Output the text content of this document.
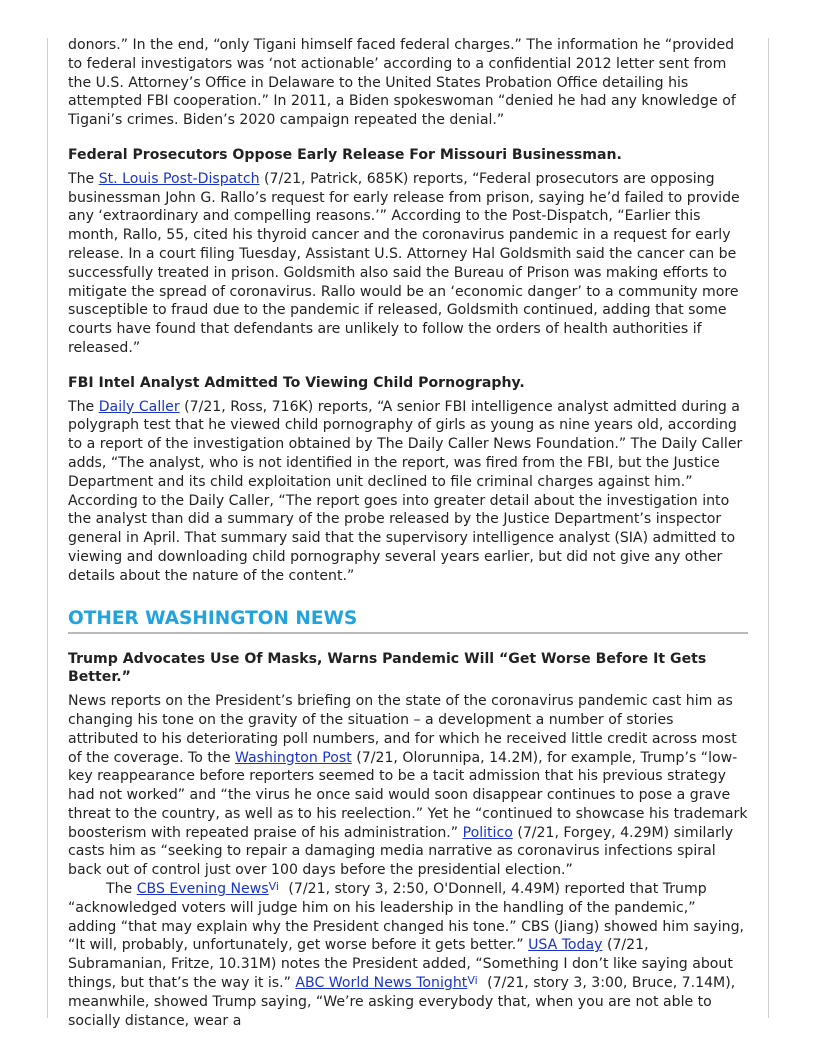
donors.” In the end, “only Tigani himself faced federal charges.” The information he “provided to federal investigators was ‘not actionable’ according to a confidential 2012 letter sent from the U.S. Attorney’s Office in Delaware to the United States Probation Office detailing his attempted FBI cooperation.” In 2011, a Biden spokeswoman “denied he had any knowledge of Tigani’s crimes. Biden’s 2020 campaign repeated the denial.”

Federal Prosecutors Oppose Early Release For Missouri Businessman.

The St. Louis Post-Dispatch (7/21, Patrick, 685K) reports, “Federal prosecutors are opposing businessman John G. Rallo’s request for early release from prison, saying he’d failed to provide any ‘extraordinary and compelling reasons.’” According to the Post-Dispatch, “Earlier this month, Rallo, 55, cited his thyroid cancer and the coronavirus pandemic in a request for early release. In a court filing Tuesday, Assistant U.S. Attorney Hal Goldsmith said the cancer can be successfully treated in prison. Goldsmith also said the Bureau of Prison was making efforts to mitigate the spread of coronavirus. Rallo would be an ‘economic danger’ to a community more susceptible to fraud due to the pandemic if released, Goldsmith continued, adding that some courts have found that defendants are unlikely to follow the orders of health authorities if released.”

FBI Intel Analyst Admitted To Viewing Child Pornography.

The Daily Caller (7/21, Ross, 716K) reports, “A senior FBI intelligence analyst admitted during a polygraph test that he viewed child pornography of girls as young as nine years old, according to a report of the investigation obtained by The Daily Caller News Foundation.” The Daily Caller adds, “The analyst, who is not identified in the report, was fired from the FBI, but the Justice Department and its child exploitation unit declined to file criminal charges against him.” According to the Daily Caller, “The report goes into greater detail about the investigation into the analyst than did a summary of the probe released by the Justice Department’s inspector general in April. That summary said that the supervisory intelligence analyst (SIA) admitted to viewing and downloading child pornography several years earlier, but did not give any other details about the nature of the content.”

OTHER WASHINGTON NEWS
Trump Advocates Use Of Masks, Warns Pandemic Will “Get Worse Before It Gets Better.”

News reports on the President’s briefing on the state of the coronavirus pandemic cast him as changing his tone on the gravity of the situation – a development a number of stories attributed to his deteriorating poll numbers, and for which he received little credit across most of the coverage. To the Washington Post (7/21, Olorunnipa, 14.2M), for example, Trump’s “low-key reappearance before reporters seemed to be a tacit admission that his previous strategy had not worked” and “the virus he once said would soon disappear continues to pose a grave threat to the country, as well as to his reelection.” Yet he “continued to showcase his trademark boosterism with repeated praise of his administration.” Politico (7/21, Forgey, 4.29M) similarly casts him as “seeking to repair a damaging media narrative as coronavirus infections spiral back out of control just over 100 days before the presidential election.”

The CBS Evening News$^{Vi}$ (7/21, story 3, 2:50, O'Donnell, 4.49M) reported that Trump “acknowledged voters will judge him on his leadership in the handling of the pandemic,” adding “that may explain why the President changed his tone.” CBS (Jiang) showed him saying, “It will, probably, unfortunately, get worse before it gets better.” USA Today (7/21, Subramanian, Fritze, 10.31M) notes the President added, “Something I don’t like saying about things, but that’s the way it is.” ABC World News Tonight$^{Vi}$ (7/21, story 3, 3:00, Bruce, 7.14M), meanwhile, showed Trump saying, “We’re asking everybody that, when you are not able to socially distance, wear a
